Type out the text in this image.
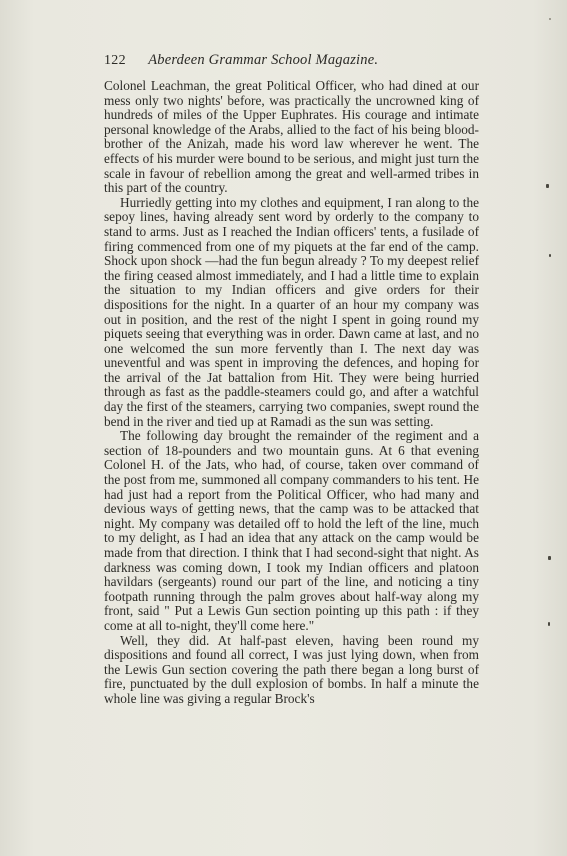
122 Aberdeen Grammar School Magazine.

Colonel Leachman, the great Political Officer, who had dined at our mess only two nights' before, was practically the uncrowned king of hundreds of miles of the Upper Euphrates. His courage and intimate personal knowledge of the Arabs, allied to the fact of his being blood-brother of the Anizah, made his word law wherever he went. The effects of his murder were bound to be serious, and might just turn the scale in favour of rebellion among the great and well-armed tribes in this part of the country.

Hurriedly getting into my clothes and equipment, I ran along to the sepoy lines, having already sent word by orderly to the company to stand to arms. Just as I reached the Indian officers' tents, a fusilade of firing commenced from one of my piquets at the far end of the camp. Shock upon shock —had the fun begun already ? To my deepest relief the firing ceased almost immediately, and I had a little time to explain the situation to my Indian officers and give orders for their dispositions for the night. In a quarter of an hour my company was out in position, and the rest of the night I spent in going round my piquets seeing that everything was in order. Dawn came at last, and no one welcomed the sun more fervently than I. The next day was uneventful and was spent in improving the defences, and hoping for the arrival of the Jat battalion from Hit. They were being hurried through as fast as the paddle-steamers could go, and after a watchful day the first of the steamers, carrying two companies, swept round the bend in the river and tied up at Ramadi as the sun was setting.

The following day brought the remainder of the regiment and a section of 18-pounders and two mountain guns. At 6 that evening Colonel H. of the Jats, who had, of course, taken over command of the post from me, summoned all company commanders to his tent. He had just had a report from the Political Officer, who had many and devious ways of getting news, that the camp was to be attacked that night. My company was detailed off to hold the left of the line, much to my delight, as I had an idea that any attack on the camp would be made from that direction. I think that I had second-sight that night. As darkness was coming down, I took my Indian officers and platoon havildars (sergeants) round our part of the line, and noticing a tiny footpath running through the palm groves about half-way along my front, said " Put a Lewis Gun section pointing up this path : if they come at all to-night, they'll come here."

Well, they did. At half-past eleven, having been round my dispositions and found all correct, I was just lying down, when from the Lewis Gun section covering the path there began a long burst of fire, punctuated by the dull explosion of bombs. In half a minute the whole line was giving a regular Brock's
